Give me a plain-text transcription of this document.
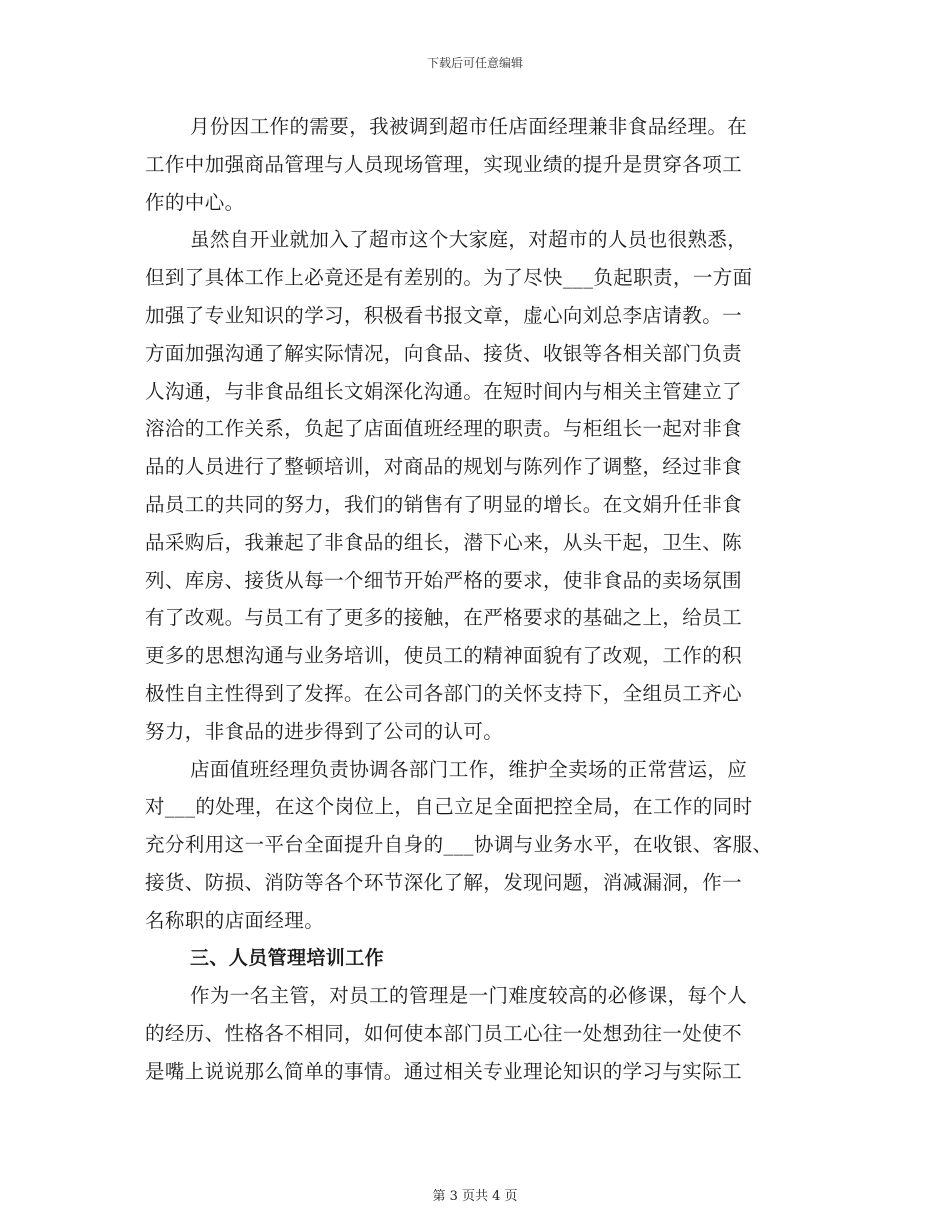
下载后可任意编辑
月份因工作的需要，我被调到超市任店面经理兼非食品经理。在
工作中加强商品管理与人员现场管理，实现业绩的提升是贯穿各项工
作的中心。
虽然自开业就加入了超市这个大家庭，对超市的人员也很熟悉，
但到了具体工作上必竟还是有差别的。为了尽快___负起职责，一方面
加强了专业知识的学习，积极看书报文章，虚心向刘总李店请教。一
方面加强沟通了解实际情况，向食品、接货、收银等各相关部门负责
人沟通，与非食品组长文娟深化沟通。在短时间内与相关主管建立了
溶洽的工作关系，负起了店面值班经理的职责。与柜组长一起对非食
品的人员进行了整顿培训，对商品的规划与陈列作了调整，经过非食
品员工的共同的努力，我们的销售有了明显的增长。在文娟升任非食
品采购后，我兼起了非食品的组长，潜下心来，从头干起，卫生、陈
列、库房、接货从每一个细节开始严格的要求，使非食品的卖场氛围
有了改观。与员工有了更多的接触，在严格要求的基础之上，给员工
更多的思想沟通与业务培训，使员工的精神面貌有了改观，工作的积
极性自主性得到了发挥。在公司各部门的关怀支持下，全组员工齐心
努力，非食品的进步得到了公司的认可。
店面值班经理负责协调各部门工作，维护全卖场的正常营运，应
对___的处理，在这个岗位上，自己立足全面把控全局，在工作的同时
充分利用这一平台全面提升自身的___协调与业务水平，在收银、客服、
接货、防损、消防等各个环节深化了解，发现问题，消减漏洞，作一
名称职的店面经理。
三、人员管理培训工作
作为一名主管，对员工的管理是一门难度较高的必修课，每个人
的经历、性格各不相同，如何使本部门员工心往一处想劲往一处使不
是嘴上说说那么简单的事情。通过相关专业理论知识的学习与实际工
第 3 页共 4 页
